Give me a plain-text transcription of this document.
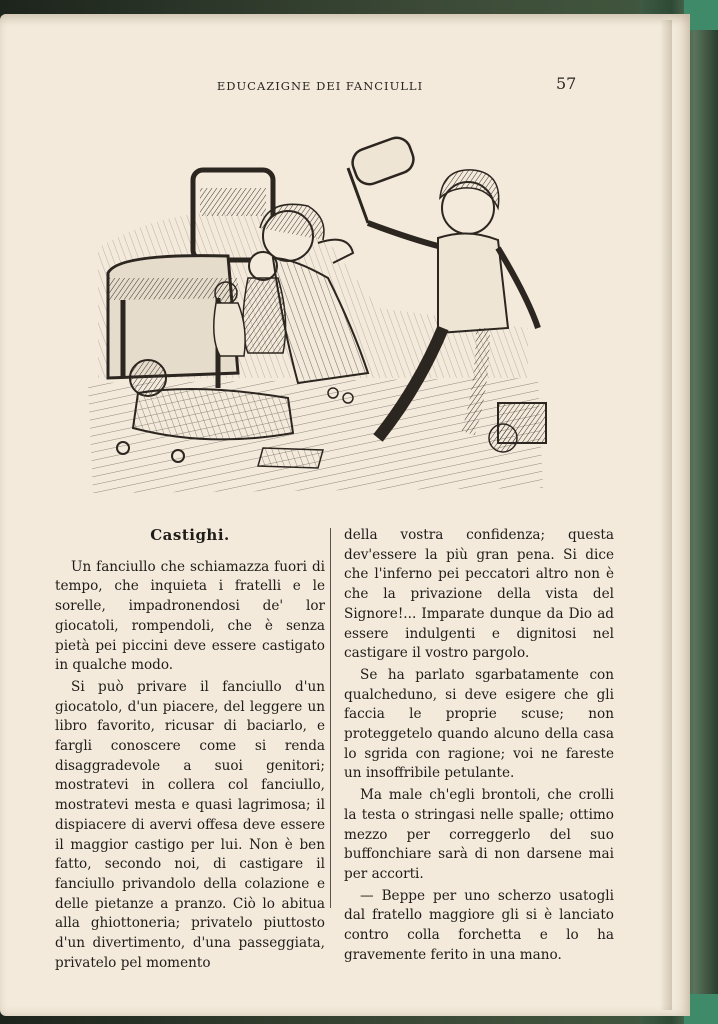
EDUCAZIGNE DEI FANCIULLI	57

Castighi.

Un fanciullo che schiamazza fuori di tempo, che inquieta i fratelli e le sorelle, impadronendosi de' lor giocatoli, rompendoli, che è senza pietà pei piccini deve essere castigato in qualche modo.

Si può privare il fanciullo d'un giocatolo, d'un piacere, del leggere un libro favorito, ricusar di baciarlo, e fargli conoscere come si renda disaggradevole a suoi genitori; mostratevi in collera col fanciullo, mostratevi mesta e quasi lagrimosa; il dispiacere di avervi offesa deve essere il maggior castigo per lui. Non è ben fatto, secondo noi, di castigare il fanciullo privandolo della colazione e delle pietanze a pranzo. Ciò lo abitua alla ghiottoneria; privatelo piuttosto d'un divertimento, d'una passeggiata, privatelo pel momento

della vostra confidenza; questa dev'essere la più gran pena. Si dice che l'inferno pei peccatori altro non è che la privazione della vista del Signore!... Imparate dunque da Dio ad essere indulgenti e dignitosi nel castigare il vostro pargolo.

Se ha parlato sgarbatamente con qualcheduno, si deve esigere che gli faccia le proprie scuse; non proteggetelo quando alcuno della casa lo sgrida con ragione; voi ne fareste un insoffribile petulante.

Ma male ch'egli brontoli, che crolli la testa o stringasi nelle spalle; ottimo mezzo per correggerlo del suo buffonchiare sarà di non darsene mai per accorti.

— Beppe per uno scherzo usatogli dal fratello maggiore gli si è lanciato contro colla forchetta e lo ha gravemente ferito in una mano.
